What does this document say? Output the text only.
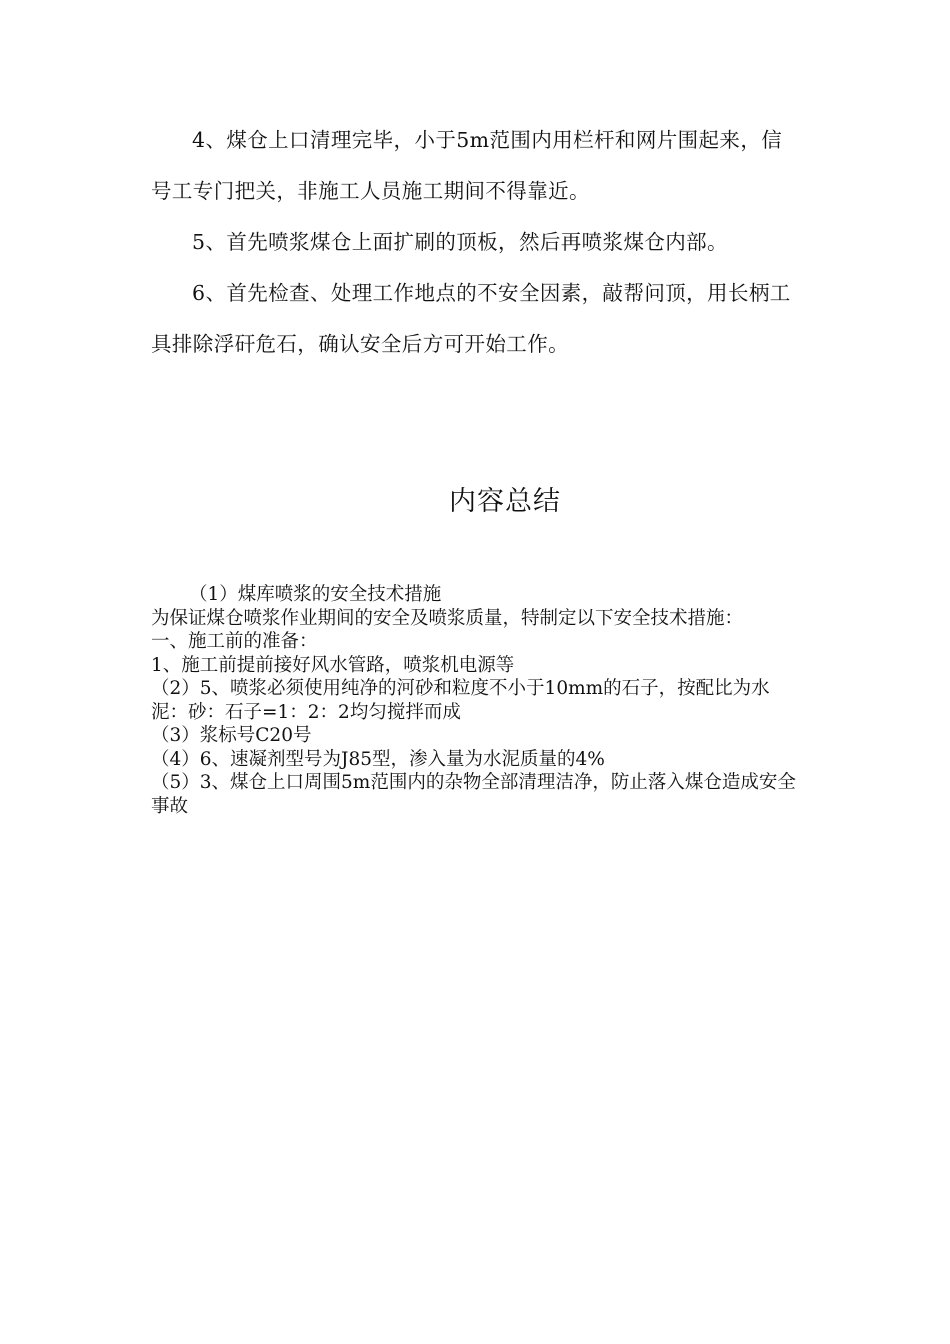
4、煤仓上口清理完毕，小于5m范围内用栏杆和网片围起来，信号工专门把关，非施工人员施工期间不得靠近。

5、首先喷浆煤仓上面扩刷的顶板，然后再喷浆煤仓内部。

6、首先检查、处理工作地点的不安全因素，敲帮问顶，用长柄工具排除浮矸危石，确认安全后方可开始工作。

内容总结

（1）煤库喷浆的安全技术措施

为保证煤仓喷浆作业期间的安全及喷浆质量，特制定以下安全技术措施：

一、施工前的准备：

1、施工前提前接好风水管路，喷浆机电源等

（2）5、喷浆必须使用纯净的河砂和粒度不小于10mm的石子，按配比为水泥：砂：石子=1：2：2均匀搅拌而成

（3）浆标号C20号

（4）6、速凝剂型号为J85型，渗入量为水泥质量的4%

（5）3、煤仓上口周围5m范围内的杂物全部清理洁净，防止落入煤仓造成安全事故
